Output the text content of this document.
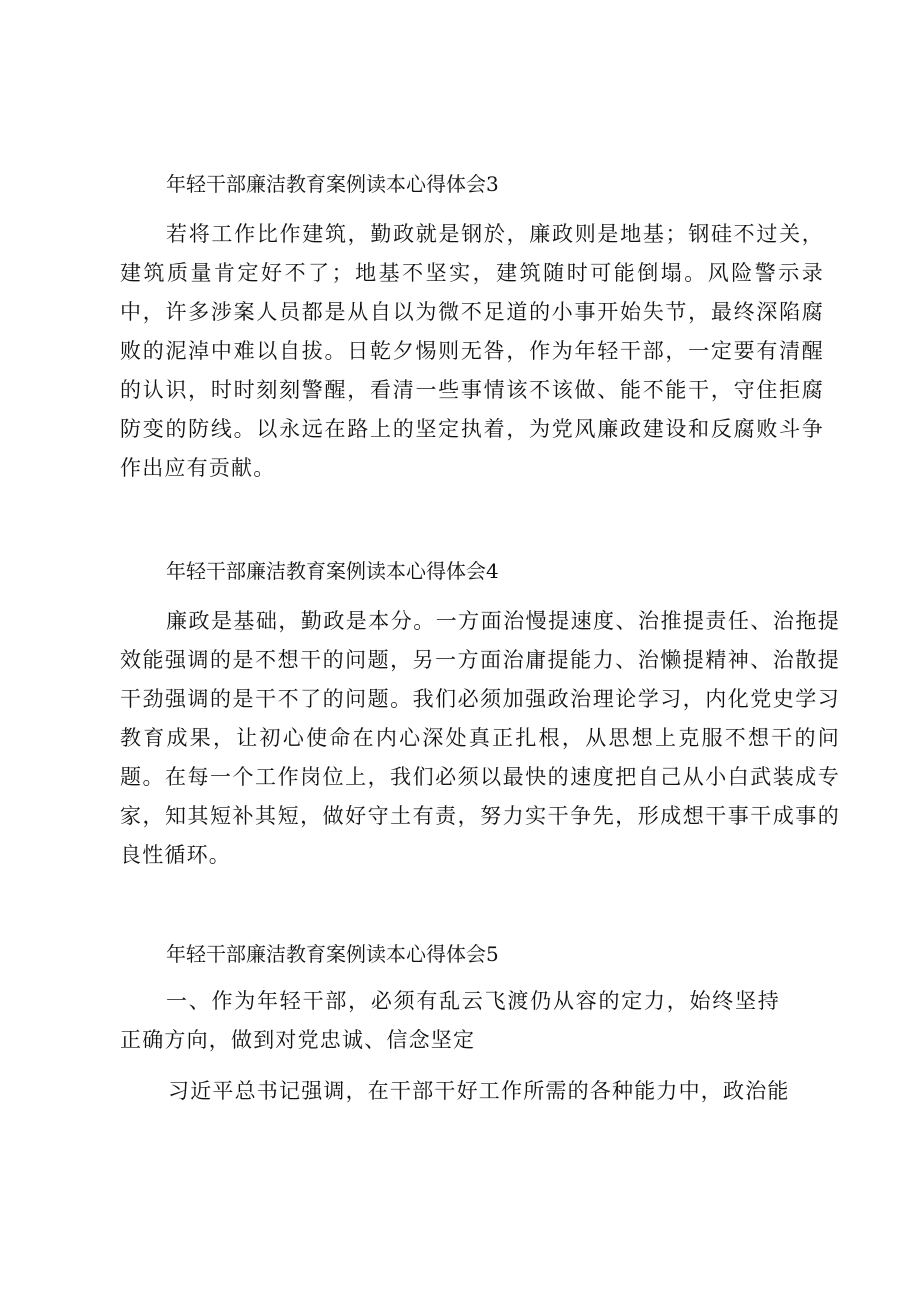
年轻干部廉洁教育案例读本心得体会3
若将工作比作建筑，勤政就是钢於，廉政则是地基；钢硅不过关，建筑质量肯定好不了；地基不坚实，建筑随时可能倒塌。风险警示录中，许多涉案人员都是从自以为微不足道的小事开始失节，最终深陷腐败的泥淖中难以自拔。日乾夕惕则无咎，作为年轻干部，一定要有清醒的认识，时时刻刻警醒，看清一些事情该不该做、能不能干，守住拒腐防变的防线。以永远在路上的坚定执着，为党风廉政建设和反腐败斗争作出应有贡献。
年轻干部廉洁教育案例读本心得体会4
廉政是基础，勤政是本分。一方面治慢提速度、治推提责任、治拖提效能强调的是不想干的问题，另一方面治庸提能力、治懒提精神、治散提干劲强调的是干不了的问题。我们必须加强政治理论学习，内化党史学习教育成果，让初心使命在内心深处真正扎根，从思想上克服不想干的问题。在每一个工作岗位上，我们必须以最快的速度把自己从小白武装成专家，知其短补其短，做好守土有责，努力实干争先，形成想干事干成事的良性循环。
年轻干部廉洁教育案例读本心得体会5
一、作为年轻干部，必须有乱云飞渡仍从容的定力，始终坚持正确方向，做到对党忠诚、信念坚定
习近平总书记强调，在干部干好工作所需的各种能力中，政治能
